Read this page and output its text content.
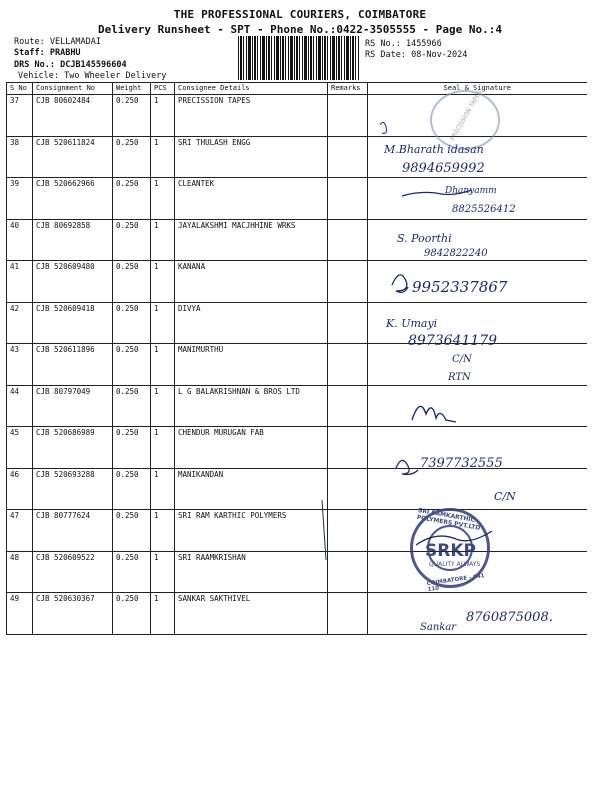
THE PROFESSIONAL COURIERS, COIMBATORE
Delivery Runsheet - SPT - Phone No.:0422-3505555 - Page No.:4
Route: VELLAMADAI
Staff: PRABHU
DRS No.: DCJB145596604
Vehicle: Two Wheeler Delivery
RS No.: 1455966
RS Date: 08-Nov-2024
S No	Consignment No	Weight	PCS	Consignee Details	Remarks	Seal & Signature
37	CJB 80602484	0.250	1	PRECISSION TAPES		
38	CJB 520611824	0.250	1	SRI THULASH ENGG		
39	CJB 520662966	0.250	1	CLEANTEK		
40	CJB 80692858	0.250	1	JAYALAKSHMI MACJHHINE WRKS		
41	CJB 520609480	0.250	1	KANANA		
42	CJB 520609418	0.250	1	DIVYA		
43	CJB 520611896	0.250	1	MANIMURTHU		
44	CJB 80797049	0.250	1	L G BALAKRISHNAN & BROS LTD		
45	CJB 520686989	0.250	1	CHENDUR MURUGAN FAB		
46	CJB 520693288	0.250	1	MANIKANDAN		
47	CJB 80777624	0.250	1	SRI RAM KARTHIC POLYMERS		
48	CJB 520609522	0.250	1	SRI RAAMKRISHAN		
49	CJB 520630367	0.250	1	SANKAR SAKTHIVEL		
PRECISSION TAPES
SRI SAMKARTHIC POLYMERS PVT.LTD
SRKP
QUALITY ALWAYS
COIMBATORE - 641 110
M.Bharath idasan
9894659992
Dhanyamm
8825526412
S. Poorthi
9842822240
9952337867
K. Umayi
8973641179
C/N
RTN
7397732555
C/N
Sankar
8760875008.
